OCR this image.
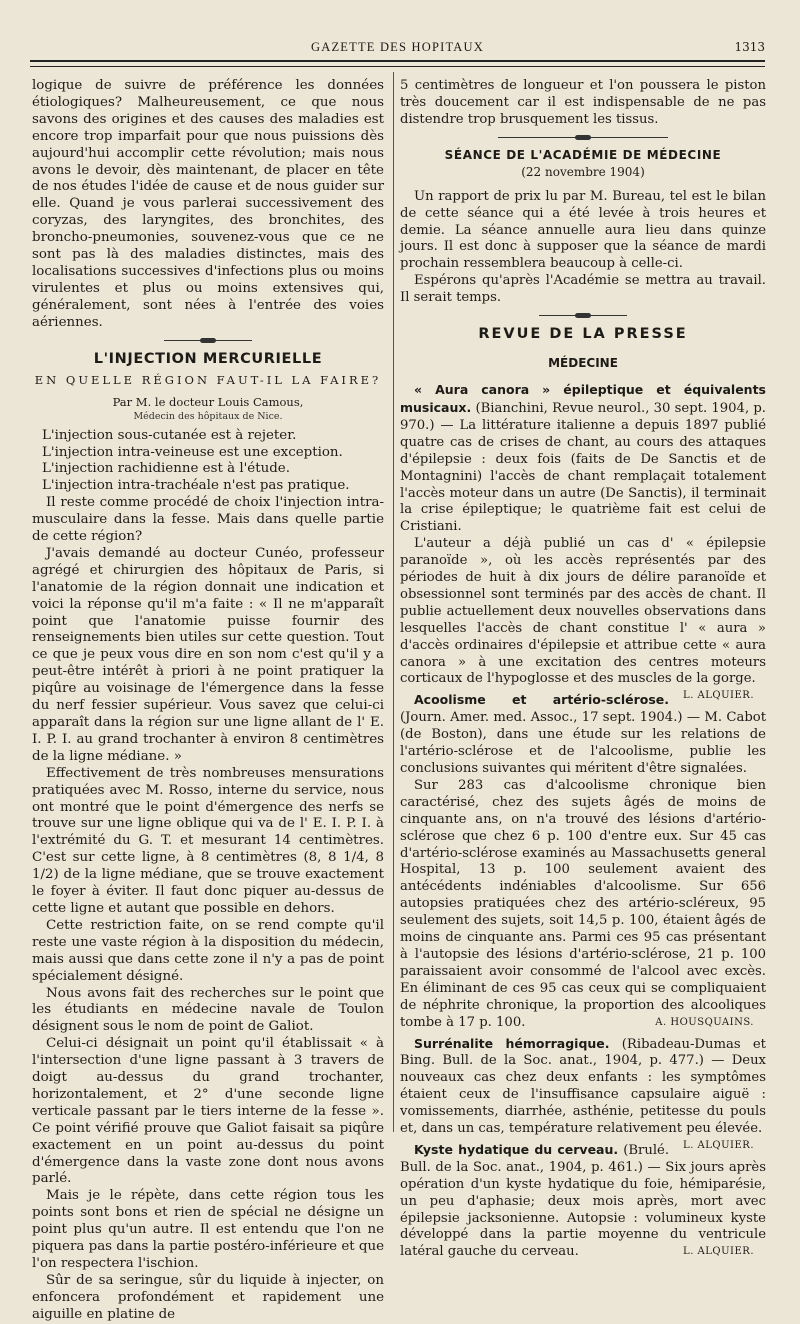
GAZETTE DES HOPITAUX	1313

logique de suivre de préférence les données étiologiques? Malheureusement, ce que nous savons des origines et des causes des maladies est encore trop imparfait pour que nous puissions dès aujourd'hui accomplir cette révolution; mais nous avons le devoir, dès maintenant, de placer en tête de nos études l'idée de cause et de nous guider sur elle. Quand je vous parlerai successivement des coryzas, des laryngites, des bronchites, des broncho-pneumonies, souvenez-vous que ce ne sont pas là des maladies distinctes, mais des localisations successives d'infections plus ou moins virulentes et plus ou moins extensives qui, généralement, sont nées à l'entrée des voies aériennes.

L'INJECTION MERCURIELLE
EN QUELLE RÉGION FAUT-IL LA FAIRE?
Par M. le docteur Louis Camous,
Médecin des hôpitaux de Nice.

L'injection sous-cutanée est à rejeter.

L'injection intra-veineuse est une exception.

L'injection rachidienne est à l'étude.

L'injection intra-trachéale n'est pas pratique.

Il reste comme procédé de choix l'injection intra-musculaire dans la fesse. Mais dans quelle partie de cette région?

J'avais demandé au docteur Cunéo, professeur agrégé et chirurgien des hôpitaux de Paris, si l'anatomie de la région donnait une indication et voici la réponse qu'il m'a faite : « Il ne m'apparaît point que l'anatomie puisse fournir des renseignements bien utiles sur cette question. Tout ce que je peux vous dire en son nom c'est qu'il y a peut-être intérêt à priori à ne point pratiquer la piqûre au voisinage de l'émergence dans la fesse du nerf fessier supérieur. Vous savez que celui-ci apparaît dans la région sur une ligne allant de l' E. I. P. I. au grand trochanter à environ 8 centimètres de la ligne médiane. »

Effectivement de très nombreuses mensurations pratiquées avec M. Rosso, interne du service, nous ont montré que le point d'émergence des nerfs se trouve sur une ligne oblique qui va de l' E. I. P. I. à l'extrémité du G. T. et mesurant 14 centimètres. C'est sur cette ligne, à 8 centimètres (8, 8 1/4, 8 1/2) de la ligne médiane, que se trouve exactement le foyer à éviter. Il faut donc piquer au-dessus de cette ligne et autant que possible en dehors.

Cette restriction faite, on se rend compte qu'il reste une vaste région à la disposition du médecin, mais aussi que dans cette zone il n'y a pas de point spécialement désigné.

Nous avons fait des recherches sur le point que les étudiants en médecine navale de Toulon désignent sous le nom de point de Galiot.

Celui-ci désignait un point qu'il établissait « à l'intersection d'une ligne passant à 3 travers de doigt au-dessus du grand trochanter, horizontalement, et 2° d'une seconde ligne verticale passant par le tiers interne de la fesse ». Ce point vérifié prouve que Galiot faisait sa piqûre exactement en un point au-dessus du point d'émergence dans la vaste zone dont nous avons parlé.

Mais je le répète, dans cette région tous les points sont bons et rien de spécial ne désigne un point plus qu'un autre. Il est entendu que l'on ne piquera pas dans la partie postéro-inférieure et que l'on respectera l'ischion.

Sûr de sa seringue, sûr du liquide à injecter, on enfoncera profondément et rapidement une aiguille en platine de

5 centimètres de longueur et l'on poussera le piston très doucement car il est indispensable de ne pas distendre trop brusquement les tissus.

SÉANCE DE L'ACADÉMIE DE MÉDECINE
(22 novembre 1904)

Un rapport de prix lu par M. Bureau, tel est le bilan de cette séance qui a été levée à trois heures et demie. La séance annuelle aura lieu dans quinze jours. Il est donc à supposer que la séance de mardi prochain ressemblera beaucoup à celle-ci.

Espérons qu'après l'Académie se mettra au travail. Il serait temps.

REVUE DE LA PRESSE
MÉDECINE

« Aura canora » épileptique et équivalents musicaux. (Bianchini, Revue neurol., 30 sept. 1904, p. 970.) — La littérature italienne a depuis 1897 publié quatre cas de crises de chant, au cours des attaques d'épilepsie : deux fois (faits de De Sanctis et de Montagnini) l'accès de chant remplaçait totalement l'accès moteur dans un autre (De Sanctis), il terminait la crise épileptique; le quatrième fait est celui de Cristiani.

L'auteur a déjà publié un cas d' « épilepsie paranoïde », où les accès représentés par des périodes de huit à dix jours de délire paranoïde et obsessionnel sont terminés par des accès de chant. Il publie actuellement deux nouvelles observations dans lesquelles l'accès de chant constitue l' « aura » d'accès ordinaires d'épilepsie et attribue cette « aura canora » à une excitation des centres moteurs corticaux de l'hypoglosse et des muscles de la gorge.
L. ALQUIER.

Acoolisme et artério-sclérose. (Journ. Amer. med. Assoc., 17 sept. 1904.) — M. Cabot (de Boston), dans une étude sur les relations de l'artério-sclérose et de l'alcoolisme, publie les conclusions suivantes qui méritent d'être signalées.

Sur 283 cas d'alcoolisme chronique bien caractérisé, chez des sujets âgés de moins de cinquante ans, on n'a trouvé des lésions d'artério-sclérose que chez 6 p. 100 d'entre eux. Sur 45 cas d'artério-sclérose examinés au Massachusetts general Hospital, 13 p. 100 seulement avaient des antécédents indéniables d'alcoolisme. Sur 656 autopsies pratiquées chez des artério-scléreux, 95 seulement des sujets, soit 14,5 p. 100, étaient âgés de moins de cinquante ans. Parmi ces 95 cas présentant à l'autopsie des lésions d'artério-sclérose, 21 p. 100 paraissaient avoir consommé de l'alcool avec excès. En éliminant de ces 95 cas ceux qui se compliquaient de néphrite chronique, la proportion des alcooliques tombe à 17 p. 100.	A. HOUSQUAINS.

Surrénalite hémorragique. (Ribadeau-Dumas et Bing. Bull. de la Soc. anat., 1904, p. 477.) — Deux nouveaux cas chez deux enfants : les symptômes étaient ceux de l'insuffisance capsulaire aiguë : vomissements, diarrhée, asthénie, petitesse du pouls et, dans un cas, température relativement peu élevée.
L. ALQUIER.

Kyste hydatique du cerveau. (Brulé. Bull. de la Soc. anat., 1904, p. 461.) — Six jours après opération d'un kyste hydatique du foie, hémiparésie, un peu d'aphasie; deux mois après, mort avec épilepsie jacksonienne. Autopsie : volumineux kyste développé dans la partie moyenne du ventricule latéral gauche du cerveau.	L. ALQUIER.
